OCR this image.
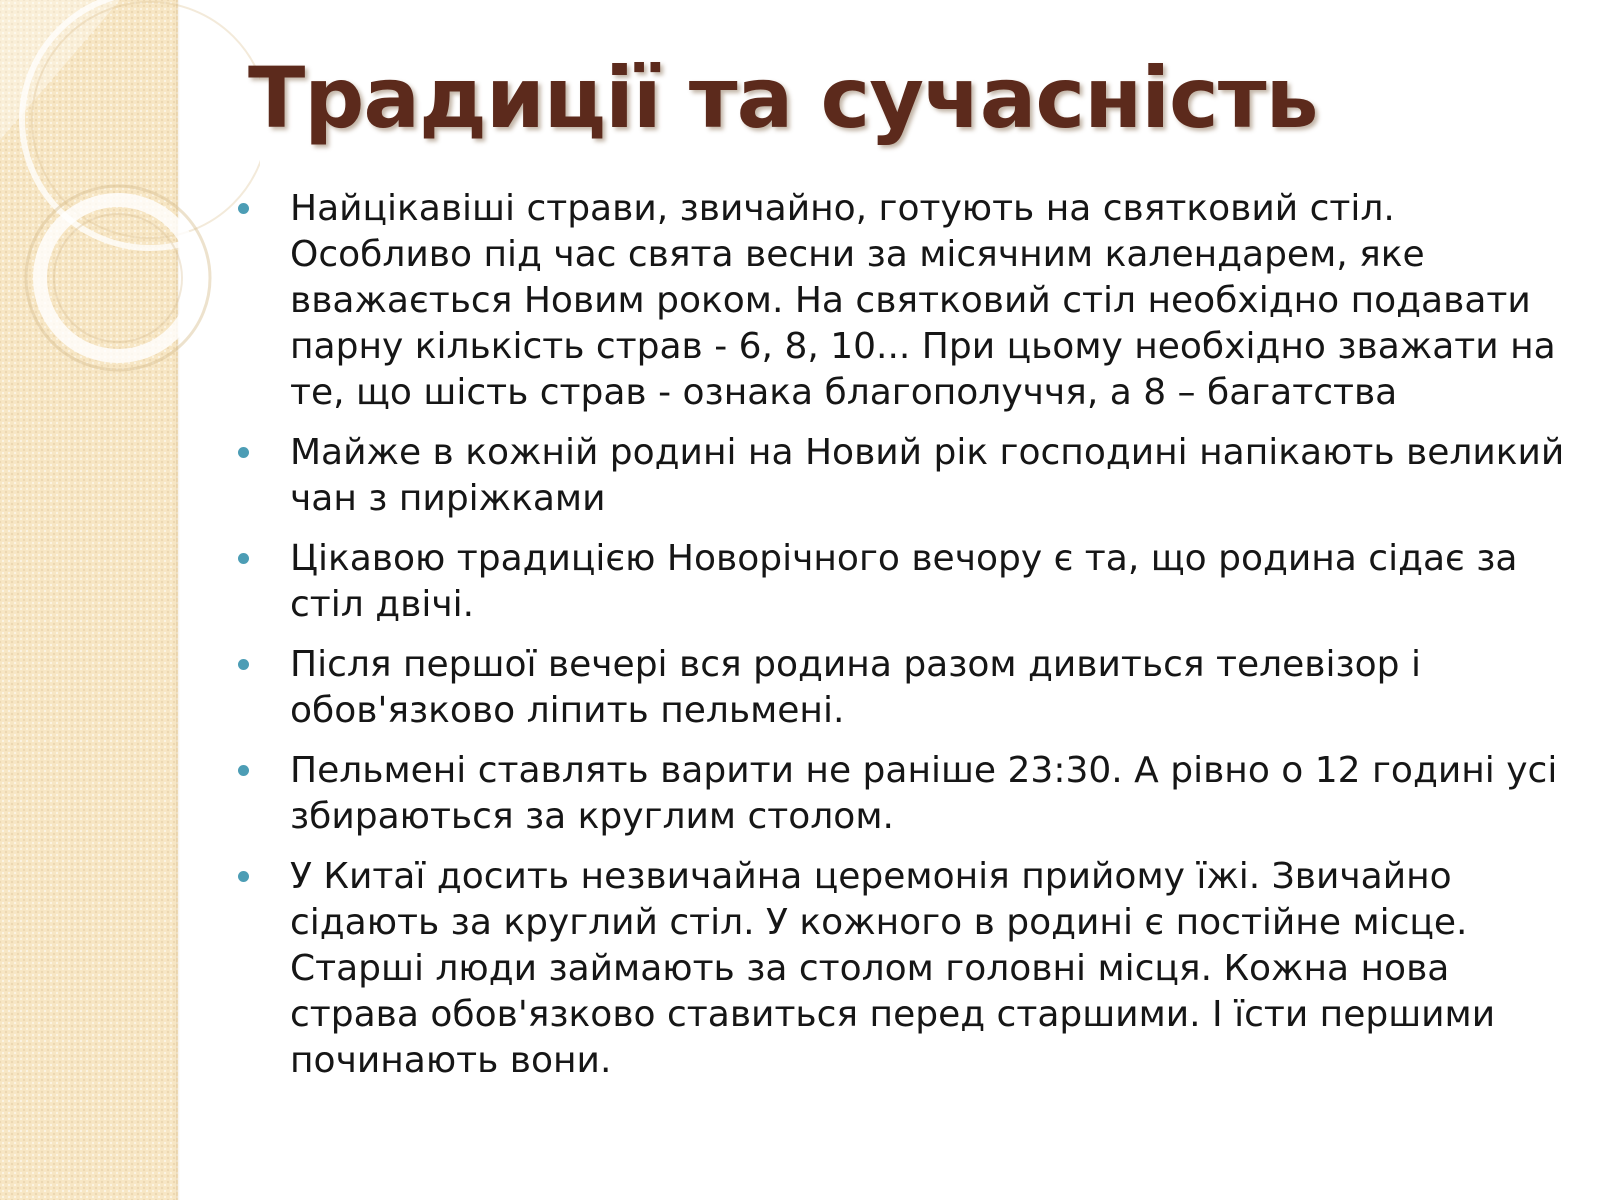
Традиції та сучасність
Найцікавіші страви, звичайно, готують на святковий стіл. Особливо під час свята весни за місячним календарем, яке вважається Новим роком. На святковий стіл необхідно подавати парну кількість страв - 6, 8, 10... При цьому необхідно зважати на те, що шість страв - ознака благополуччя, а 8 – багатства
Майже в кожній родині на Новий рік господині напікають великий чан з пиріжками
Цікавою традицією Новорічного вечору є та, що родина сідає за стіл двічі.
Після першої вечері вся родина разом дивиться телевізор і обов'язково ліпить пельмені.
Пельмені ставлять варити не раніше 23:30. А рівно о 12 годині усі збираються за круглим столом.
У Китаї досить незвичайна церемонія прийому їжі. Звичайно сідають за круглий стіл. У кожного в родині є постійне місце. Старші люди займають за столом головні місця. Кожна нова страва обов'язково ставиться перед старшими. І їсти першими починають вони.
